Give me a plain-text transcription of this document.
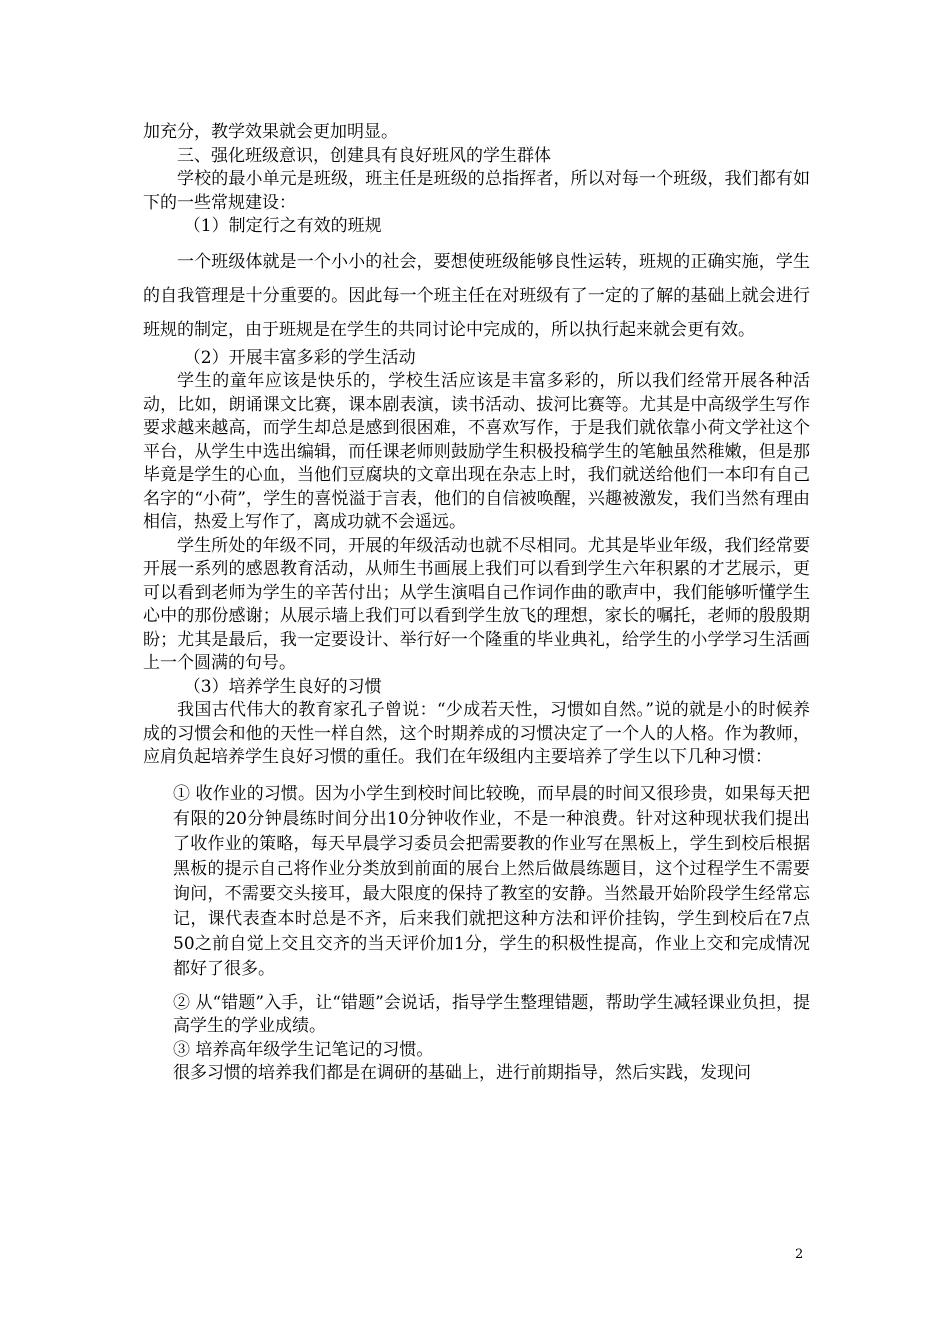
加充分，教学效果就会更加明显。

三、强化班级意识，创建具有良好班风的学生群体

学校的最小单元是班级，班主任是班级的总指挥者，所以对每一个班级，我们都有如下的一些常规建设：

（1）制定行之有效的班规

一个班级体就是一个小小的社会，要想使班级能够良性运转，班规的正确实施，学生的自我管理是十分重要的。因此每一个班主任在对班级有了一定的了解的基础上就会进行班规的制定，由于班规是在学生的共同讨论中完成的，所以执行起来就会更有效。

（2）开展丰富多彩的学生活动

学生的童年应该是快乐的，学校生活应该是丰富多彩的，所以我们经常开展各种活动，比如，朗诵课文比赛，课本剧表演，读书活动、拔河比赛等。尤其是中高级学生写作要求越来越高，而学生却总是感到很困难，不喜欢写作，于是我们就依靠小荷文学社这个平台，从学生中选出编辑，而任课老师则鼓励学生积极投稿学生的笔触虽然稚嫩，但是那毕竟是学生的心血，当他们豆腐块的文章出现在杂志上时，我们就送给他们一本印有自己名字的“小荷”，学生的喜悦溢于言表，他们的自信被唤醒，兴趣被激发，我们当然有理由相信，热爱上写作了，离成功就不会遥远。

学生所处的年级不同，开展的年级活动也就不尽相同。尤其是毕业年级，我们经常要开展一系列的感恩教育活动，从师生书画展上我们可以看到学生六年积累的才艺展示，更可以看到老师为学生的辛苦付出；从学生演唱自己作词作曲的歌声中，我们能够听懂学生心中的那份感谢；从展示墙上我们可以看到学生放飞的理想，家长的嘱托，老师的殷殷期盼；尤其是最后，我一定要设计、举行好一个隆重的毕业典礼，给学生的小学学习生活画上一个圆满的句号。

（3）培养学生良好的习惯

我国古代伟大的教育家孔子曾说：“少成若天性，习惯如自然。”说的就是小的时候养成的习惯会和他的天性一样自然，这个时期养成的习惯决定了一个人的人格。作为教师，应肩负起培养学生良好习惯的重任。我们在年级组内主要培养了学生以下几种习惯：

① 收作业的习惯。因为小学生到校时间比较晚，而早晨的时间又很珍贵，如果每天把有限的20分钟晨练时间分出10分钟收作业，不是一种浪费。针对这种现状我们提出了收作业的策略，每天早晨学习委员会把需要教的作业写在黑板上，学生到校后根据黑板的提示自己将作业分类放到前面的展台上然后做晨练题目，这个过程学生不需要询问，不需要交头接耳，最大限度的保持了教室的安静。当然最开始阶段学生经常忘记，课代表查本时总是不齐，后来我们就把这种方法和评价挂钩，学生到校后在7点50之前自觉上交且交齐的当天评价加1分，学生的积极性提高，作业上交和完成情况都好了很多。

② 从“错题”入手，让“错题”会说话，指导学生整理错题，帮助学生减轻课业负担，提高学生的学业成绩。

③ 培养高年级学生记笔记的习惯。

很多习惯的培养我们都是在调研的基础上，进行前期指导，然后实践，发现问

2
